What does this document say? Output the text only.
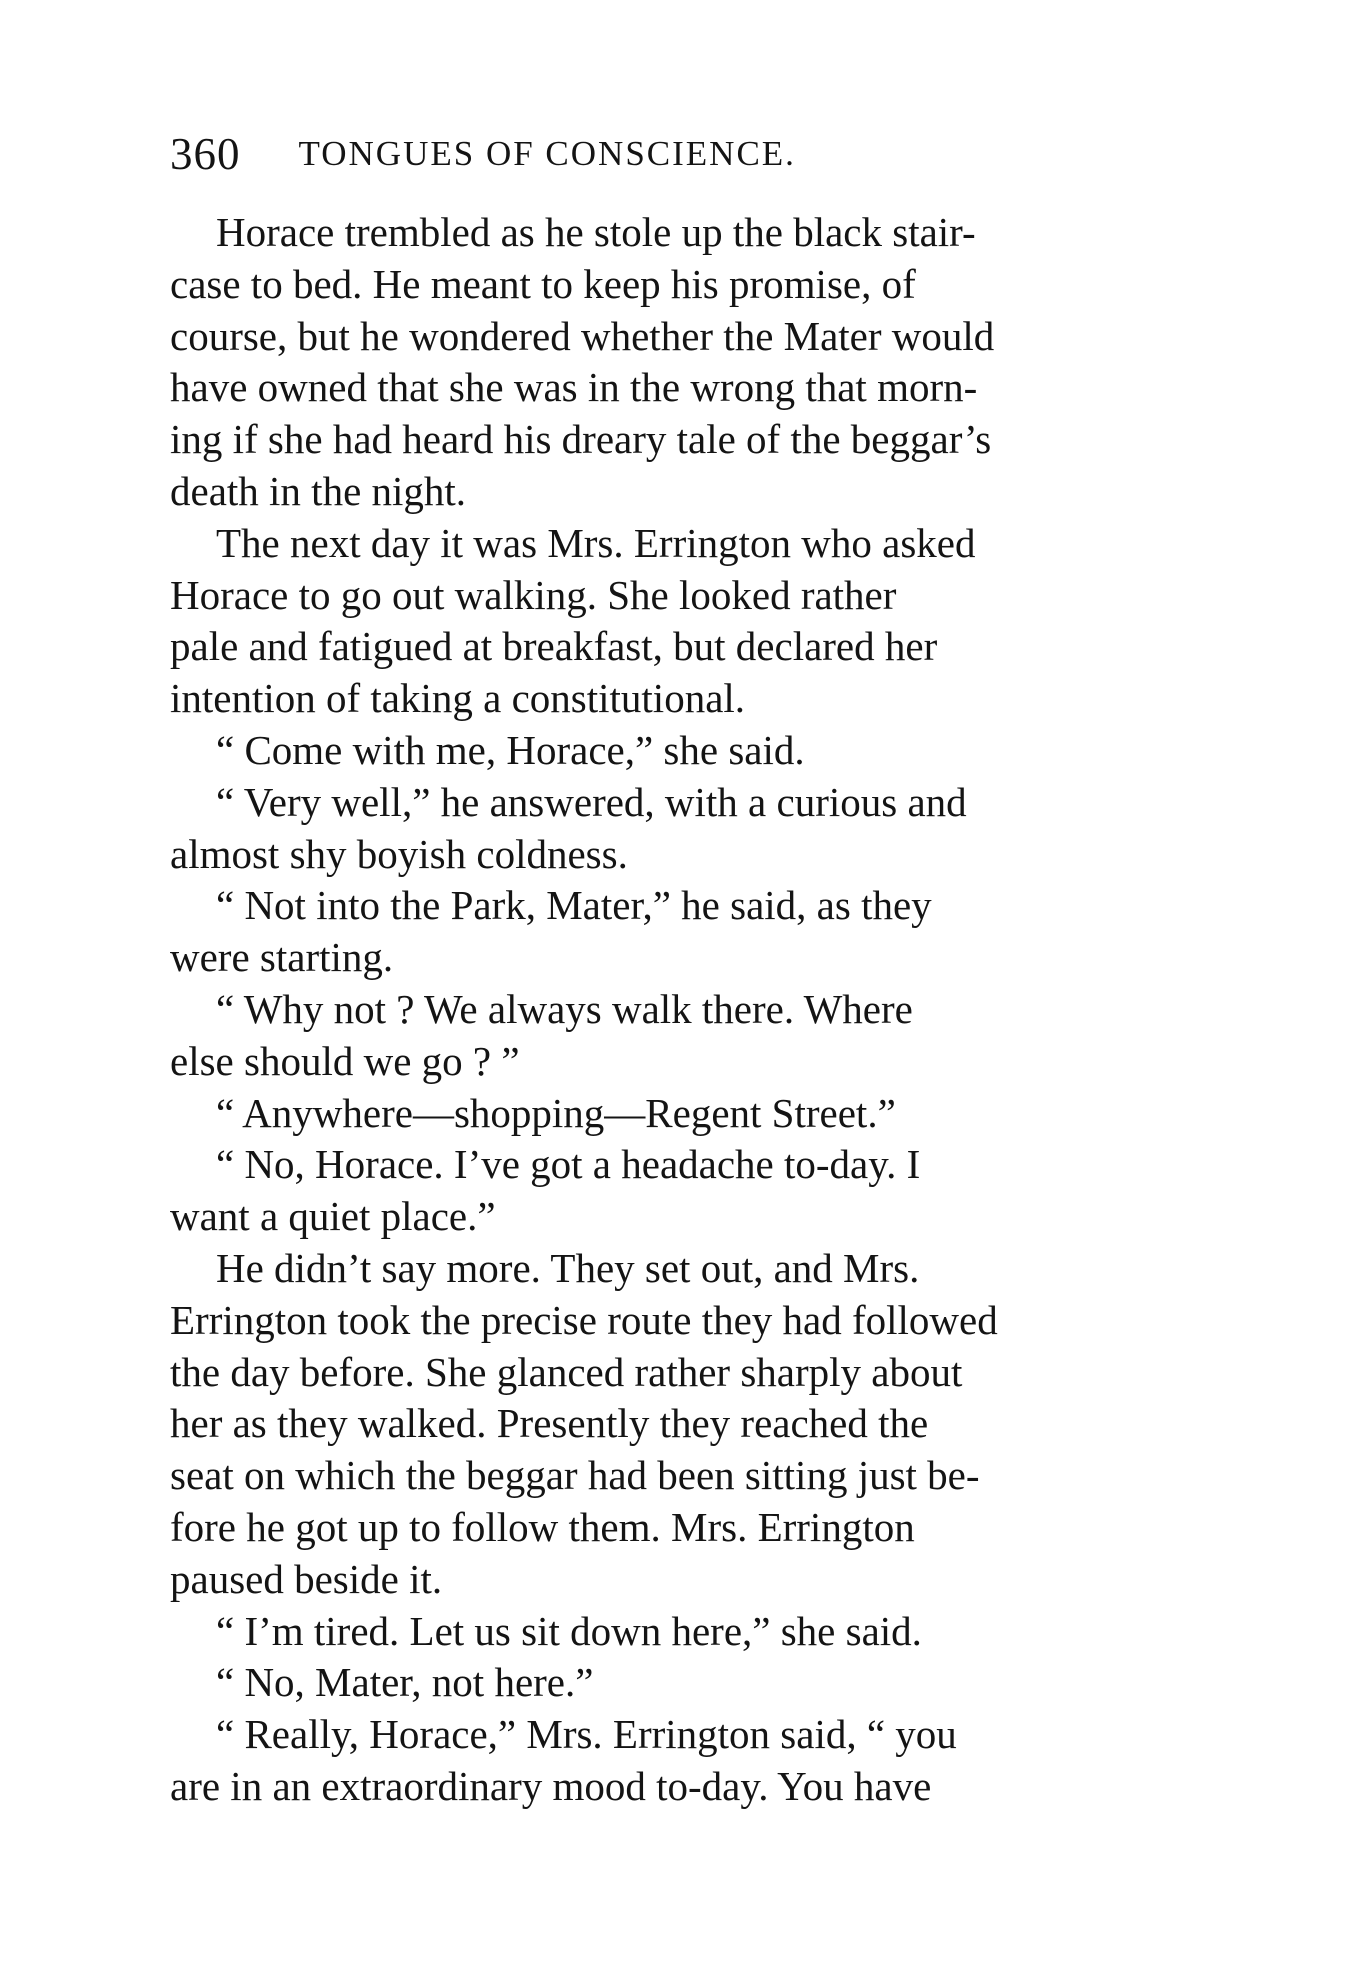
360 TONGUES OF CONSCIENCE.
Horace trembled as he stole up the black stair-
case to bed. He meant to keep his promise, of
course, but he wondered whether the Mater would
have owned that she was in the wrong that morn-
ing if she had heard his dreary tale of the beggar’s
death in the night.
The next day it was Mrs. Errington who asked
Horace to go out walking. She looked rather
pale and fatigued at breakfast, but declared her
intention of taking a constitutional.
“ Come with me, Horace,” she said.
“ Very well,” he answered, with a curious and
almost shy boyish coldness.
“ Not into the Park, Mater,” he said, as they
were starting.
“ Why not ? We always walk there. Where
else should we go ? ”
“ Anywhere—shopping—Regent Street.”
“ No, Horace. I’ve got a headache to-day. I
want a quiet place.”
He didn’t say more. They set out, and Mrs.
Errington took the precise route they had followed
the day before. She glanced rather sharply about
her as they walked. Presently they reached the
seat on which the beggar had been sitting just be-
fore he got up to follow them. Mrs. Errington
paused beside it.
“ I’m tired. Let us sit down here,” she said.
“ No, Mater, not here.”
“ Really, Horace,” Mrs. Errington said, “ you
are in an extraordinary mood to-day. You have
